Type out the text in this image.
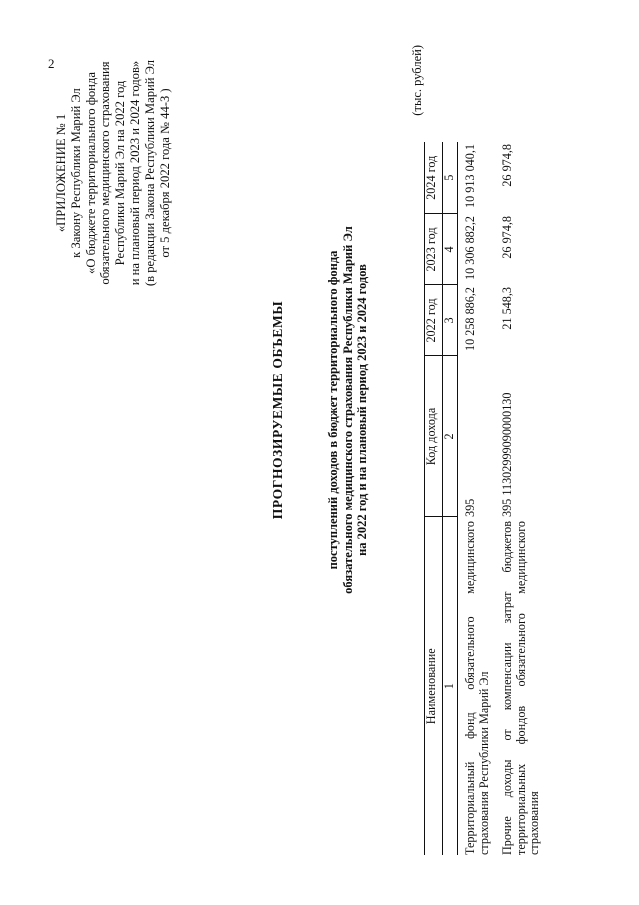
2
«ПРИЛОЖЕНИЕ № 1 к Закону Республики Марий Эл «О бюджете территориального фонда обязательного медицинского страхования Республики Марий Эл на 2022 год и на плановый период 2023 и 2024 годов» (в редакции Закона Республики Марий Эл от 5 декабря 2022 года № 44-З )
ПРОГНОЗИРУЕМЫЕ ОБЪЕМЫ	поступлений доходов в бюджет территориального фонда обязательного медицинского страхования Республики Марий Эл на 2022 год и на плановый период 2023 и 2024 годов
(тыс. рублей)
Наименование	Код дохода	2022 год	2023 год	2024 год
1	2	3	4	5
Территориальный фонд обязательного медицинского страхования Республики Марий Эл	395	10 258 886,2	10 306 882,2	10 913 040,1
Прочие доходы от компенсации затрат бюджетов территориальных фондов обязательного медицинского страхования	395 11302999090000130	21 548,3	26 974,8	26 974,8
